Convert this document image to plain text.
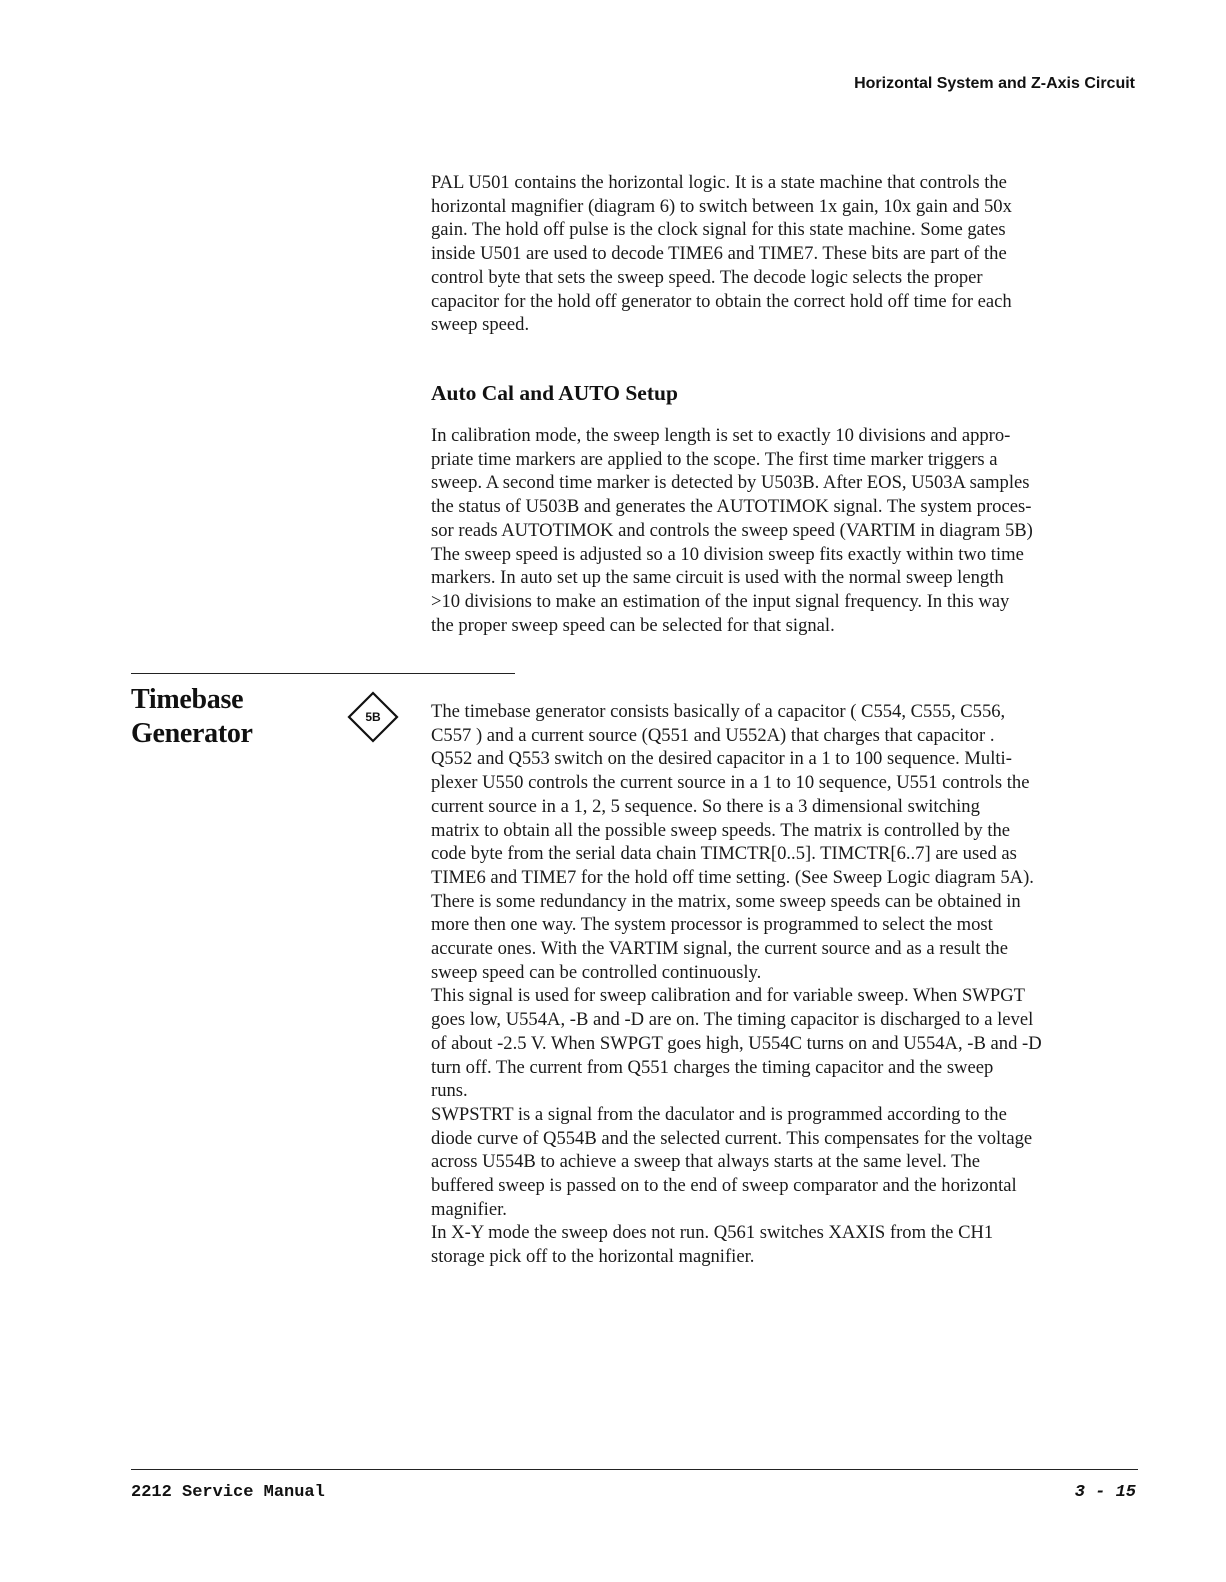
Horizontal System and Z-Axis Circuit

PAL U501 contains the horizontal logic. It is a state machine that controls the
horizontal magnifier (diagram 6) to switch between 1x gain, 10x gain and 50x
gain. The hold off pulse is the clock signal for this state machine. Some gates
inside U501 are used to decode TIME6 and TIME7. These bits are part of the
control byte that sets the sweep speed. The decode logic selects the proper
capacitor for the hold off generator to obtain the correct hold off time for each
sweep speed.

Auto Cal and AUTO Setup

In calibration mode, the sweep length is set to exactly 10 divisions and appro-
priate time markers are applied to the scope. The first time marker triggers a
sweep. A second time marker is detected by U503B. After EOS, U503A samples
the status of U503B and generates the AUTOTIMOK signal. The system proces-
sor reads AUTOTIMOK and controls the sweep speed (VARTIM in diagram 5B)
The sweep speed is adjusted so a 10 division sweep fits exactly within two time
markers. In auto set up the same circuit is used with the normal sweep length
>10 divisions to make an estimation of the input signal frequency. In this way
the proper sweep speed can be selected for that signal.

Timebase
Generator
5B	The timebase generator consists basically of a capacitor ( C554, C555, C556,
C557 ) and a current source (Q551 and U552A) that charges that capacitor .
Q552 and Q553 switch on the desired capacitor in a 1 to 100 sequence. Multi-
plexer U550 controls the current source in a 1 to 10 sequence, U551 controls the
current source in a 1, 2, 5 sequence. So there is a 3 dimensional switching
matrix to obtain all the possible sweep speeds. The matrix is controlled by the
code byte from the serial data chain TIMCTR[0..5]. TIMCTR[6..7] are used as
TIME6 and TIME7 for the hold off time setting. (See Sweep Logic diagram 5A).
There is some redundancy in the matrix, some sweep speeds can be obtained in
more then one way. The system processor is programmed to select the most
accurate ones. With the VARTIM signal, the current source and as a result the
sweep speed can be controlled continuously.
This signal is used for sweep calibration and for variable sweep. When SWPGT
goes low, U554A, -B and -D are on. The timing capacitor is discharged to a level
of about -2.5 V. When SWPGT goes high, U554C turns on and U554A, -B and -D
turn off. The current from Q551 charges the timing capacitor and the sweep
runs.
SWPSTRT is a signal from the daculator and is programmed according to the
diode curve of Q554B and the selected current. This compensates for the voltage
across U554B to achieve a sweep that always starts at the same level. The
buffered sweep is passed on to the end of sweep comparator and the horizontal
magnifier.
In X-Y mode the sweep does not run. Q561 switches XAXIS from the CH1
storage pick off to the horizontal magnifier.

2212 Service Manual	3 - 15
